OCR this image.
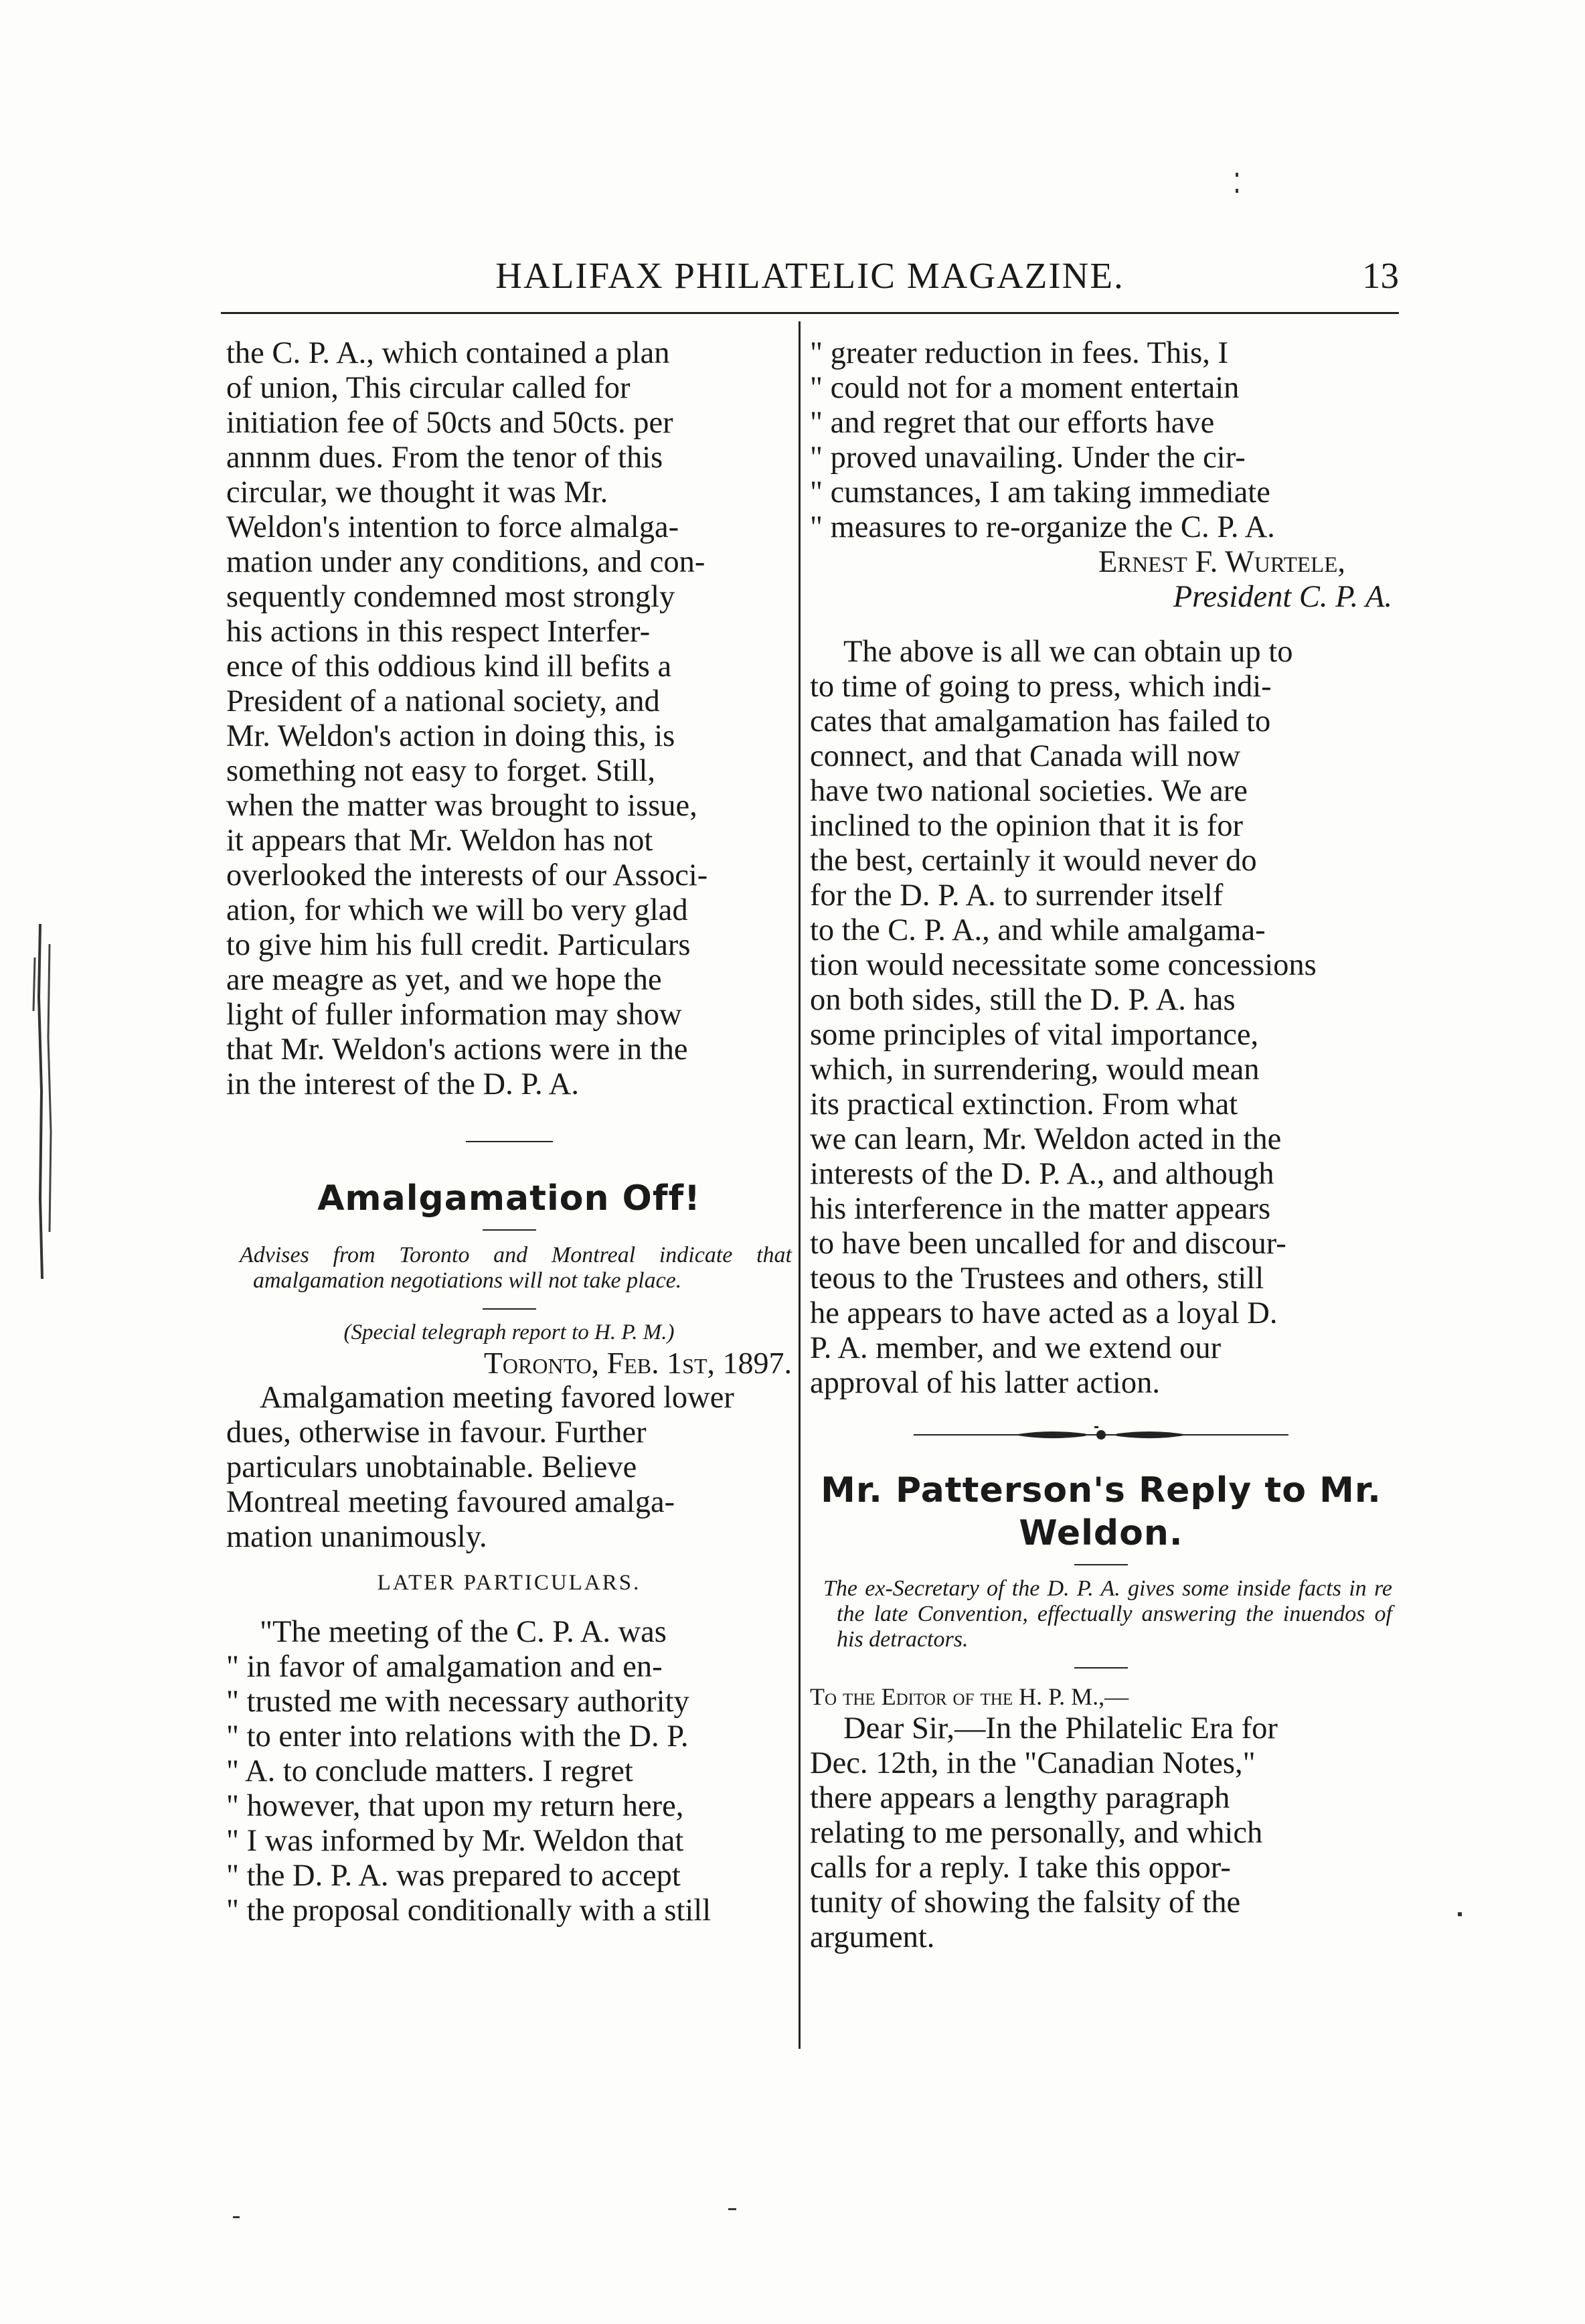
HALIFAX PHILATELIC MAGAZINE.	13

the C. P. A., which contained a plan

of union, This circular called for

initiation fee of 50cts and 50cts. per

annnm dues. From the tenor of this

circular, we thought it was Mr.

Weldon's intention to force almalga-

mation under any conditions, and con-

sequently condemned most strongly

his actions in this respect Interfer-

ence of this oddious kind ill befits a

President of a national society, and

Mr. Weldon's action in doing this, is

something not easy to forget. Still,

when the matter was brought to issue,

it appears that Mr. Weldon has not

overlooked the interests of our Associ-

ation, for which we will bo very glad

to give him his full credit. Particulars

are meagre as yet, and we hope the

light of fuller information may show

that Mr. Weldon's actions were in the

in the interest of the D. P. A.

Amalgamation Off!

Advises from Toronto and Montreal indicate that amalgamation negotiations will not take place.

(Special telegraph report to H. P. M.)
Toronto, Feb. 1st, 1897.

Amalgamation meeting favored lower

dues, otherwise in favour. Further

particulars unobtainable. Believe

Montreal meeting favoured amalga-

mation unanimously.

LATER PARTICULARS.

"The meeting of the C. P. A. was

" in favor of amalgamation and en-

" trusted me with necessary authority

" to enter into relations with the D. P.

" A. to conclude matters. I regret

" however, that upon my return here,

" I was informed by Mr. Weldon that

" the D. P. A. was prepared to accept

" the proposal conditionally with a still

" greater reduction in fees. This, I

" could not for a moment entertain

" and regret that our efforts have

" proved unavailing. Under the cir-

" cumstances, I am taking immediate

" measures to re-organize the C. P. A.

Ernest F. Wurtele,
President C. P. A.

The above is all we can obtain up to

to time of going to press, which indi-

cates that amalgamation has failed to

connect, and that Canada will now

have two national societies. We are

inclined to the opinion that it is for

the best, certainly it would never do

for the D. P. A. to surrender itself

to the C. P. A., and while amalgama-

tion would necessitate some concessions

on both sides, still the D. P. A. has

some principles of vital importance,

which, in surrendering, would mean

its practical extinction. From what

we can learn, Mr. Weldon acted in the

interests of the D. P. A., and although

his interference in the matter appears

to have been uncalled for and discour-

teous to the Trustees and others, still

he appears to have acted as a loyal D.

P. A. member, and we extend our

approval of his latter action.

Mr. Patterson's Reply to Mr. Weldon.

The ex-Secretary of the D. P. A. gives some inside facts in re the late Convention, effectually answering the inuendos of his detractors.

To the Editor of the H. P. M.,—

Dear Sir,—In the Philatelic Era for

Dec. 12th, in the "Canadian Notes,"

there appears a lengthy paragraph

relating to me personally, and which

calls for a reply. I take this oppor-

tunity of showing the falsity of the

argument.
